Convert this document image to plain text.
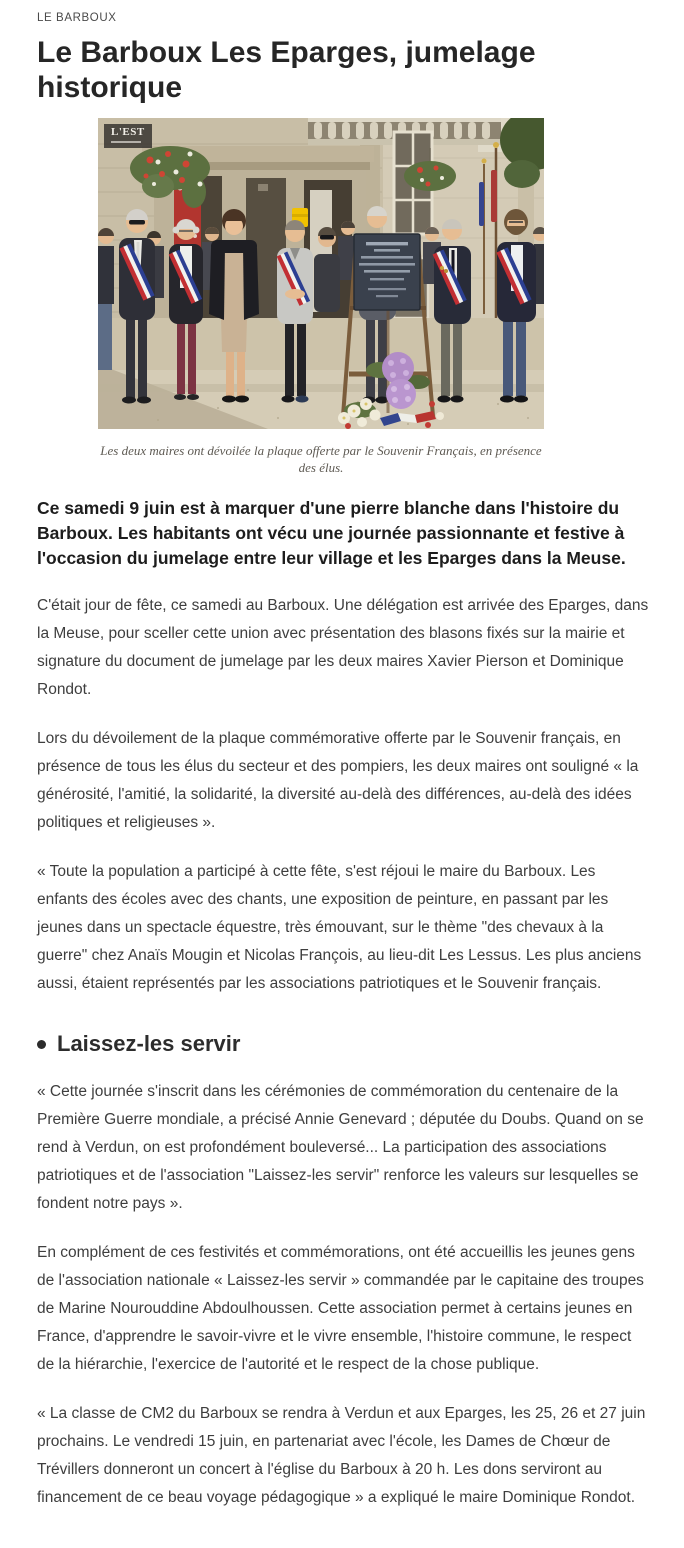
LE BARBOUX
Le Barboux Les Eparges, jumelage historique
L'EST
Les deux maires ont dévoilée la plaque offerte par le Souvenir Français, en présence des élus.

Ce samedi 9 juin est à marquer d'une pierre blanche dans l'histoire du Barboux. Les habitants ont vécu une journée passionnante et festive à l'occasion du jumelage entre leur village et les Eparges dans la Meuse.

C'était jour de fête, ce samedi au Barboux. Une délégation est arrivée des Eparges, dans la Meuse, pour sceller cette union avec présentation des blasons fixés sur la mairie et signature du document de jumelage par les deux maires Xavier Pierson et Dominique Rondot.

Lors du dévoilement de la plaque commémorative offerte par le Souvenir français, en présence de tous les élus du secteur et des pompiers, les deux maires ont souligné « la générosité, l'amitié, la solidarité, la diversité au-delà des différences, au-delà des idées politiques et religieuses ».

« Toute la population a participé à cette fête, s'est réjoui le maire du Barboux. Les enfants des écoles avec des chants, une exposition de peinture, en passant par les jeunes dans un spectacle équestre, très émouvant, sur le thème "des chevaux à la guerre" chez Anaïs Mougin et Nicolas François, au lieu-dit Les Lessus. Les plus anciens aussi, étaient représentés par les associations patriotiques et le Souvenir français.

Laissez-les servir

« Cette journée s'inscrit dans les cérémonies de commémoration du centenaire de la Première Guerre mondiale, a précisé Annie Genevard ; députée du Doubs. Quand on se rend à Verdun, on est profondément bouleversé... La participation des associations patriotiques et de l'association "Laissez-les servir" renforce les valeurs sur lesquelles se fondent notre pays ».

En complément de ces festivités et commémorations, ont été accueillis les jeunes gens de l'association nationale « Laissez-les servir » commandée par le capitaine des troupes de Marine Nourouddine Abdoulhoussen. Cette association permet à certains jeunes en France, d'apprendre le savoir-vivre et le vivre ensemble, l'histoire commune, le respect de la hiérarchie, l'exercice de l'autorité et le respect de la chose publique.

« La classe de CM2 du Barboux se rendra à Verdun et aux Eparges, les 25, 26 et 27 juin prochains. Le vendredi 15 juin, en partenariat avec l'école, les Dames de Chœur de Trévillers donneront un concert à l'église du Barboux à 20 h. Les dons serviront au financement de ce beau voyage pédagogique » a expliqué le maire Dominique Rondot.
